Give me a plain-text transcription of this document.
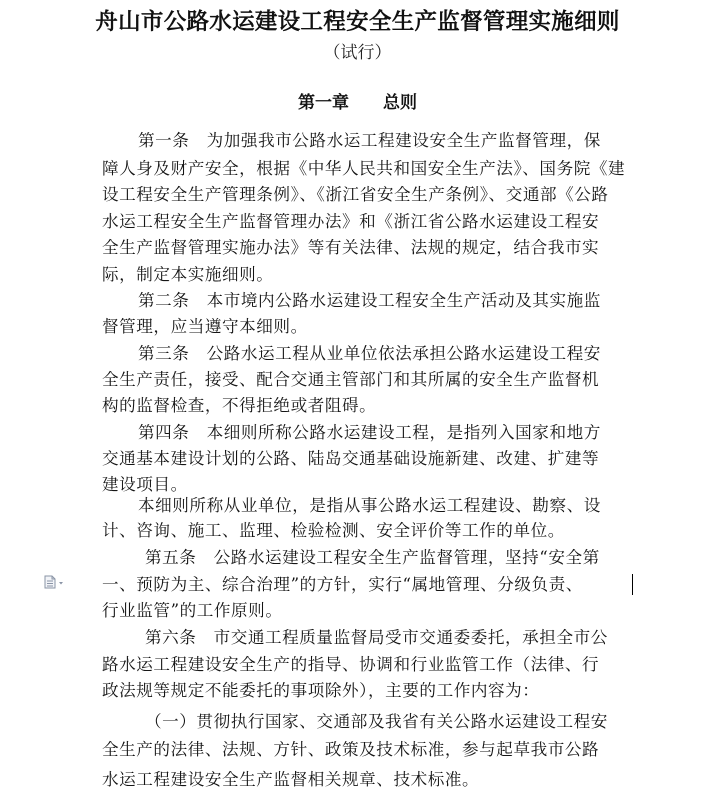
舟山市公路水运建设工程安全生产监督管理实施细则
（试行）
第一章 总则
第一条　为加强我市公路水运工程建设安全生产监督管理，保
障人身及财产安全，根据《中华人民共和国安全生产法》、国务院《建
设工程安全生产管理条例》、《浙江省安全生产条例》、交通部《公路
水运工程安全生产监督管理办法》和《浙江省公路水运建设工程安
全生产监督管理实施办法》等有关法律、法规的规定，结合我市实
际，制定本实施细则。
第二条　本市境内公路水运建设工程安全生产活动及其实施监
督管理，应当遵守本细则。
第三条　公路水运工程从业单位依法承担公路水运建设工程安
全生产责任，接受、配合交通主管部门和其所属的安全生产监督机
构的监督检查，不得拒绝或者阻碍。
第四条　本细则所称公路水运建设工程，是指列入国家和地方
交通基本建设计划的公路、陆岛交通基础设施新建、改建、扩建等
建设项目。
本细则所称从业单位，是指从事公路水运工程建设、勘察、设
计、咨询、施工、监理、检验检测、安全评价等工作的单位。
第五条　公路水运建设工程安全生产监督管理，坚持“安全第
一、预防为主、综合治理”的方针，实行“属地管理、分级负责、
行业监管”的工作原则。
第六条　市交通工程质量监督局受市交通委委托，承担全市公
路水运工程建设安全生产的指导、协调和行业监管工作（法律、行
政法规等规定不能委托的事项除外），主要的工作内容为：
（一）贯彻执行国家、交通部及我省有关公路水运建设工程安
全生产的法律、法规、方针、政策及技术标准，参与起草我市公路
水运工程建设安全生产监督相关规章、技术标准。
